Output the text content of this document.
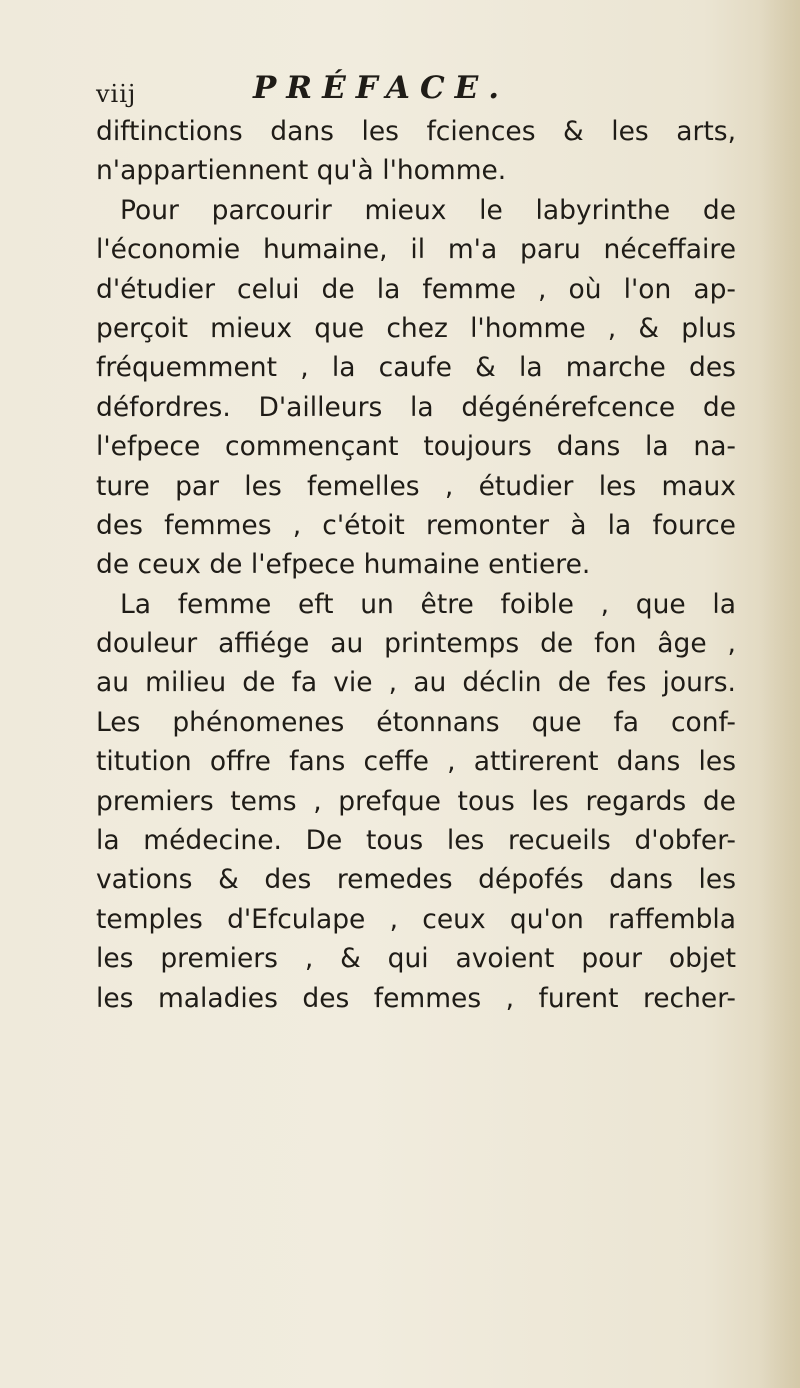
viij	PRÉFACE.
diftinctions dans les fciences & les arts,
n'appartiennent qu'à l'homme.
Pour parcourir mieux le labyrinthe de
l'économie humaine, il m'a paru néceffaire
d'étudier celui de la femme , où l'on ap-
perçoit mieux que chez l'homme , & plus
fréquemment , la caufe & la marche des
défordres. D'ailleurs la dégénérefcence de
l'efpece commençant toujours dans la na-
ture par les femelles , étudier les maux
des femmes , c'étoit remonter à la fource
de ceux de l'efpece humaine entiere.
La femme eft un être foible , que la
douleur affiége au printemps de fon âge ,
au milieu de fa vie , au déclin de fes jours.
Les phénomenes étonnans que fa conf-
titution offre fans ceffe , attirerent dans les
premiers tems , prefque tous les regards de
la médecine. De tous les recueils d'obfer-
vations & des remedes dépofés dans les
temples d'Efculape , ceux qu'on raffembla
les premiers , & qui avoient pour objet
les maladies des femmes , furent recher-
